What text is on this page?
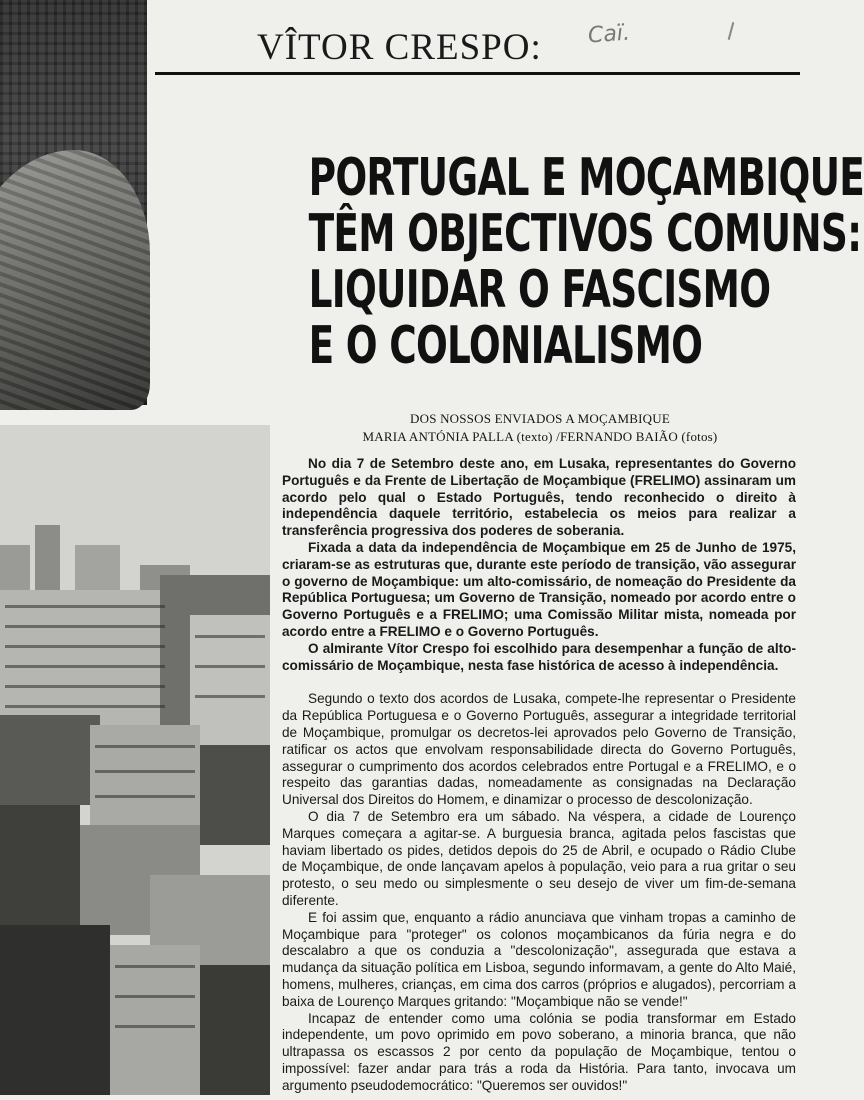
Caï.
VÎTOR CRESPO:
PORTUGAL E MOÇAMBIQUE
TÊM OBJECTIVOS COMUNS:
LIQUIDAR O FASCISMO
E O COLONIALISMO
DOS NOSSOS ENVIADOS A MOÇAMBIQUE
MARIA ANTÓNIA PALLA (texto) /FERNANDO BAIÃO (fotos)

No dia 7 de Setembro deste ano, em Lusaka, representantes do Governo Português e da Frente de Libertação de Moçambique (FRELIMO) assinaram um acordo pelo qual o Estado Português, tendo reconhecido o direito à independência daquele território, estabelecia os meios para realizar a transferência progressiva dos poderes de soberania.

Fixada a data da independência de Moçambique em 25 de Junho de 1975, criaram-se as estruturas que, durante este período de transição, vão assegurar o governo de Moçambique: um alto-comissário, de nomeação do Presidente da República Portuguesa; um Governo de Transição, nomeado por acordo entre o Governo Português e a FRELIMO; uma Comissão Militar mista, nomeada por acordo entre a FRELIMO e o Governo Português.

O almirante Vítor Crespo foi escolhido para desempenhar a função de alto-comissário de Moçambique, nesta fase histórica de acesso à independência.

Segundo o texto dos acordos de Lusaka, compete-lhe representar o Presidente da República Portuguesa e o Governo Português, assegurar a integridade territorial de Moçambique, promulgar os decretos-lei aprovados pelo Governo de Transição, ratificar os actos que envolvam responsabilidade directa do Governo Português, assegurar o cumprimento dos acordos celebrados entre Portugal e a FRELIMO, e o respeito das garantias dadas, nomeadamente as consignadas na Declaração Universal dos Direitos do Homem, e dinamizar o processo de descolonização.

O dia 7 de Setembro era um sábado. Na véspera, a cidade de Lourenço Marques começara a agitar-se. A burguesia branca, agitada pelos fascistas que haviam libertado os pides, detidos depois do 25 de Abril, e ocupado o Rádio Clube de Moçambique, de onde lançavam apelos à população, veio para a rua gritar o seu protesto, o seu medo ou simplesmente o seu desejo de viver um fim-de-semana diferente.

E foi assim que, enquanto a rádio anunciava que vinham tropas a caminho de Moçambique para "proteger" os colonos moçambicanos da fúria negra e do descalabro a que os conduzia a "descolonização", assegurada que estava a mudança da situação política em Lisboa, segundo informavam, a gente do Alto Maié, homens, mulheres, crianças, em cima dos carros (próprios e alugados), percorriam a baixa de Lourenço Marques gritando: "Moçambique não se vende!"

Incapaz de entender como uma colónia se podia transformar em Estado independente, um povo oprimido em povo soberano, a minoria branca, que não ultrapassa os escassos 2 por cento da população de Moçambique, tentou o impossível: fazer andar para trás a roda da História. Para tanto, invocava um argumento pseudodemocrático: "Queremos ser ouvidos!"
